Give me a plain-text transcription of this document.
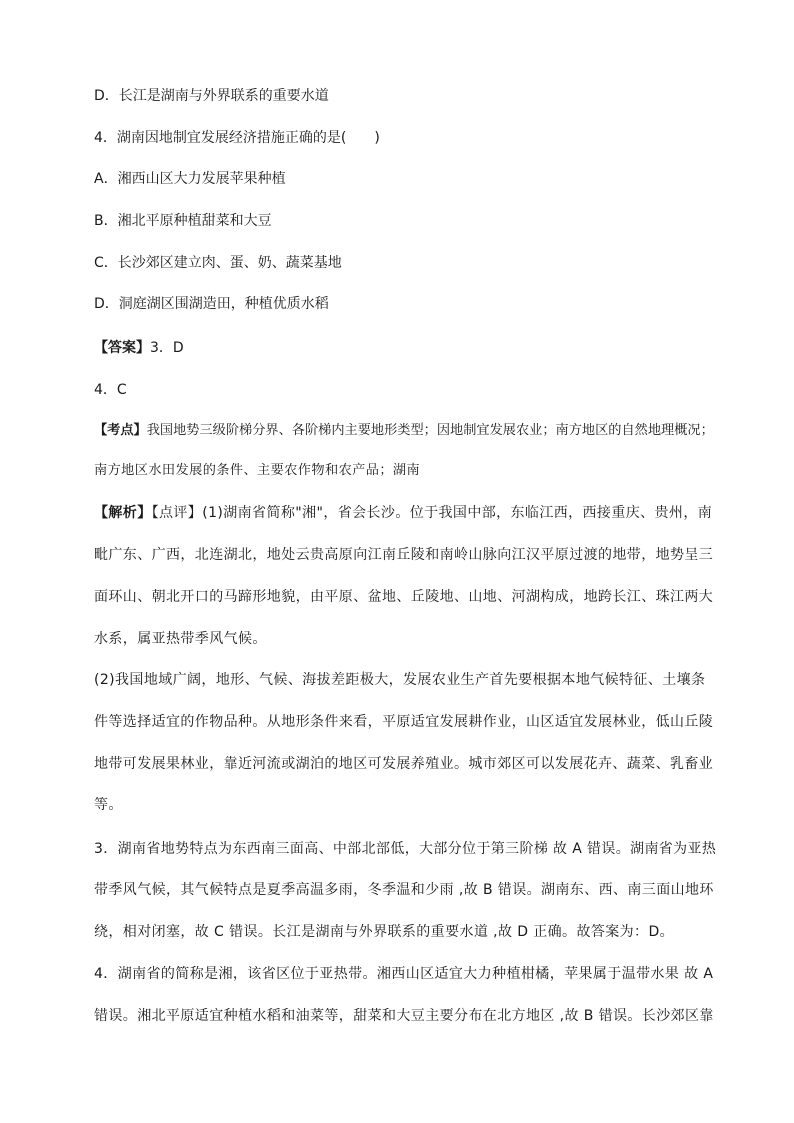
D．长江是湖南与外界联系的重要水道
4．湖南因地制宜发展经济措施正确的是(　　)
A．湘西山区大力发展苹果种植
B．湘北平原种植甜菜和大豆
C．长沙郊区建立肉、蛋、奶、蔬菜基地
D．洞庭湖区围湖造田，种植优质水稻
【答案】3．D
4．C
【考点】我国地势三级阶梯分界、各阶梯内主要地形类型；因地制宜发展农业；南方地区的自然地理概况；
南方地区水田发展的条件、主要农作物和农产品；湖南
【解析】【点评】(1)湖南省简称"湘"，省会长沙。位于我国中部，东临江西，西接重庆、贵州，南
毗广东、广西，北连湖北，地处云贵高原向江南丘陵和南岭山脉向江汉平原过渡的地带，地势呈三
面环山、朝北开口的马蹄形地貌，由平原、盆地、丘陵地、山地、河湖构成，地跨长江、珠江两大
水系，属亚热带季风气候。
(2)我国地域广阔，地形、气候、海拔差距极大，发展农业生产首先要根据本地气候特征、土壤条
件等选择适宜的作物品种。从地形条件来看，平原适宜发展耕作业，山区适宜发展林业，低山丘陵
地带可发展果林业，靠近河流或湖泊的地区可发展养殖业。城市郊区可以发展花卉、蔬菜、乳畜业
等。
3．湖南省地势特点为东西南三面高、中部北部低，大部分位于第三阶梯 故 A 错误。湖南省为亚热
带季风气候，其气候特点是夏季高温多雨，冬季温和少雨 ,故 B 错误。湖南东、西、南三面山地环
绕，相对闭塞，故 C 错误。长江是湖南与外界联系的重要水道 ,故 D 正确。故答案为：D。
4．湖南省的简称是湘，该省区位于亚热带。湘西山区适宜大力种植柑橘，苹果属于温带水果 故 A
错误。湘北平原适宜种植水稻和油菜等，甜菜和大豆主要分布在北方地区 ,故 B 错误。长沙郊区靠
